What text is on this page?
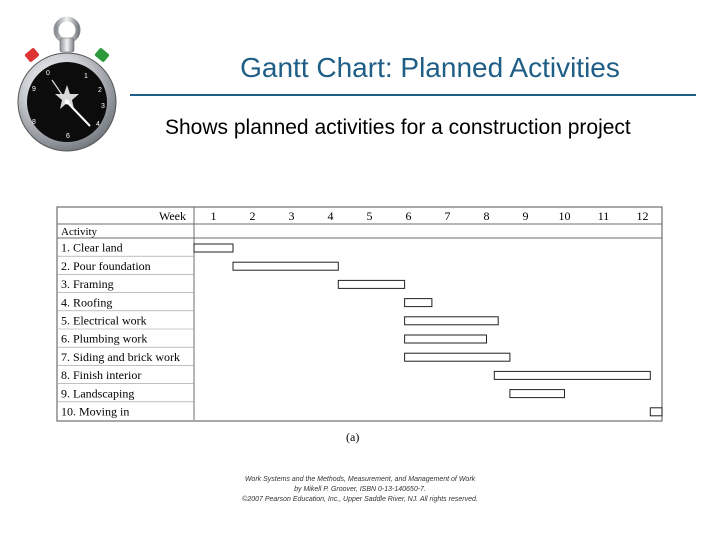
1
2
3
4
6
8
9
0	Gantt Chart: Planned Activities
Shows planned activities for a construction project
Week
Activity
1	2	3	4	5	6	7	8	9	10 11 12
1. Clear land
2. Pour foundation
3. Framing
4. Roofing
5. Electrical work
6. Plumbing work
7. Siding and brick work
8. Finish interior
9. Landscaping
10. Moving in
(a)
Work Systems and the Methods, Measurement, and Management of Work
by Mikell P. Groover, ISBN 0-13-140650-7.
©2007 Pearson Education, Inc., Upper Saddle River, NJ. All rights reserved.
